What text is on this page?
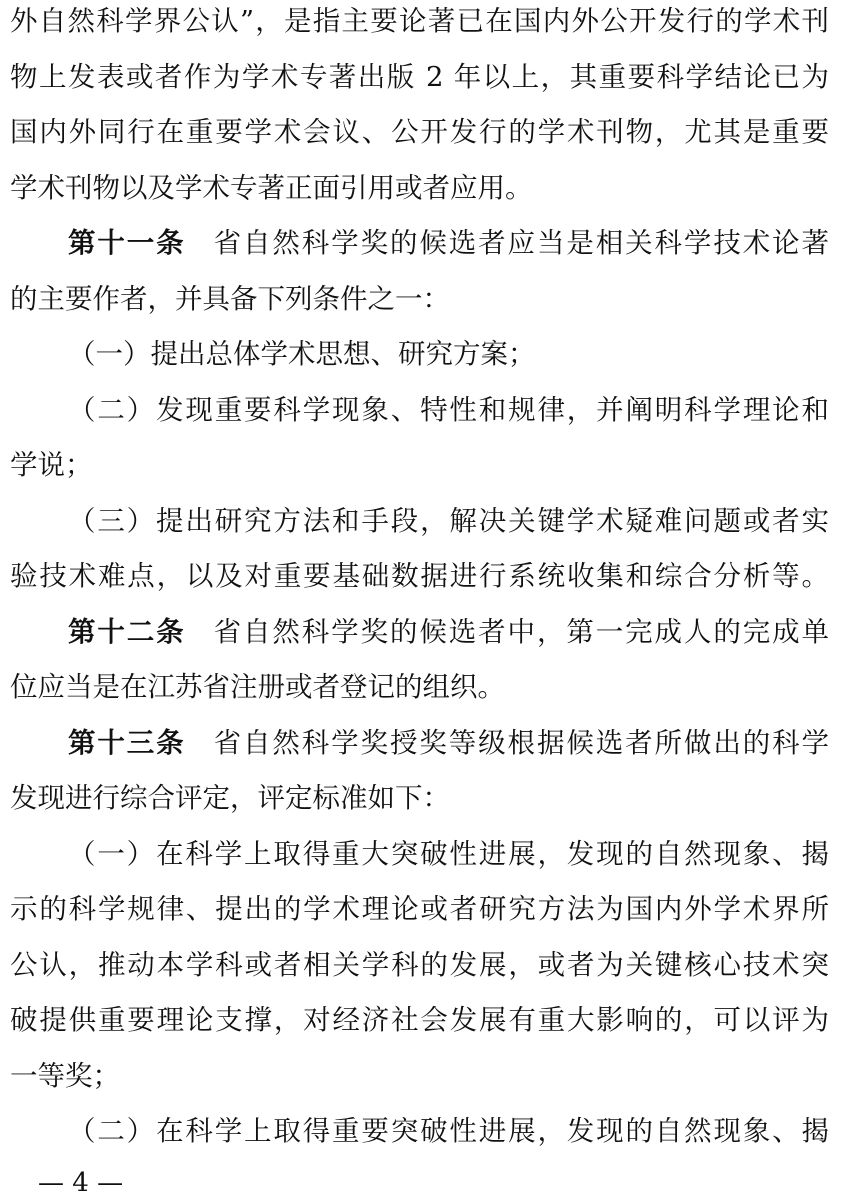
外自然科学界公认”，是指主要论著已在国内外公开发行的学术刊
物上发表或者作为学术专著出版 2 年以上，其重要科学结论已为
国内外同行在重要学术会议、公开发行的学术刊物，尤其是重要
学术刊物以及学术专著正面引用或者应用。
第十一条 省自然科学奖的候选者应当是相关科学技术论著
的主要作者，并具备下列条件之一：
（一）提出总体学术思想、研究方案；
（二）发现重要科学现象、特性和规律，并阐明科学理论和
学说；
（三）提出研究方法和手段，解决关键学术疑难问题或者实
验技术难点，以及对重要基础数据进行系统收集和综合分析等。
第十二条 省自然科学奖的候选者中，第一完成人的完成单
位应当是在江苏省注册或者登记的组织。
第十三条 省自然科学奖授奖等级根据候选者所做出的科学
发现进行综合评定，评定标准如下：
（一）在科学上取得重大突破性进展，发现的自然现象、揭
示的科学规律、提出的学术理论或者研究方法为国内外学术界所
公认，推动本学科或者相关学科的发展，或者为关键核心技术突
破提供重要理论支撑，对经济社会发展有重大影响的，可以评为
一等奖；
（二）在科学上取得重要突破性进展，发现的自然现象、揭
— 4 —
